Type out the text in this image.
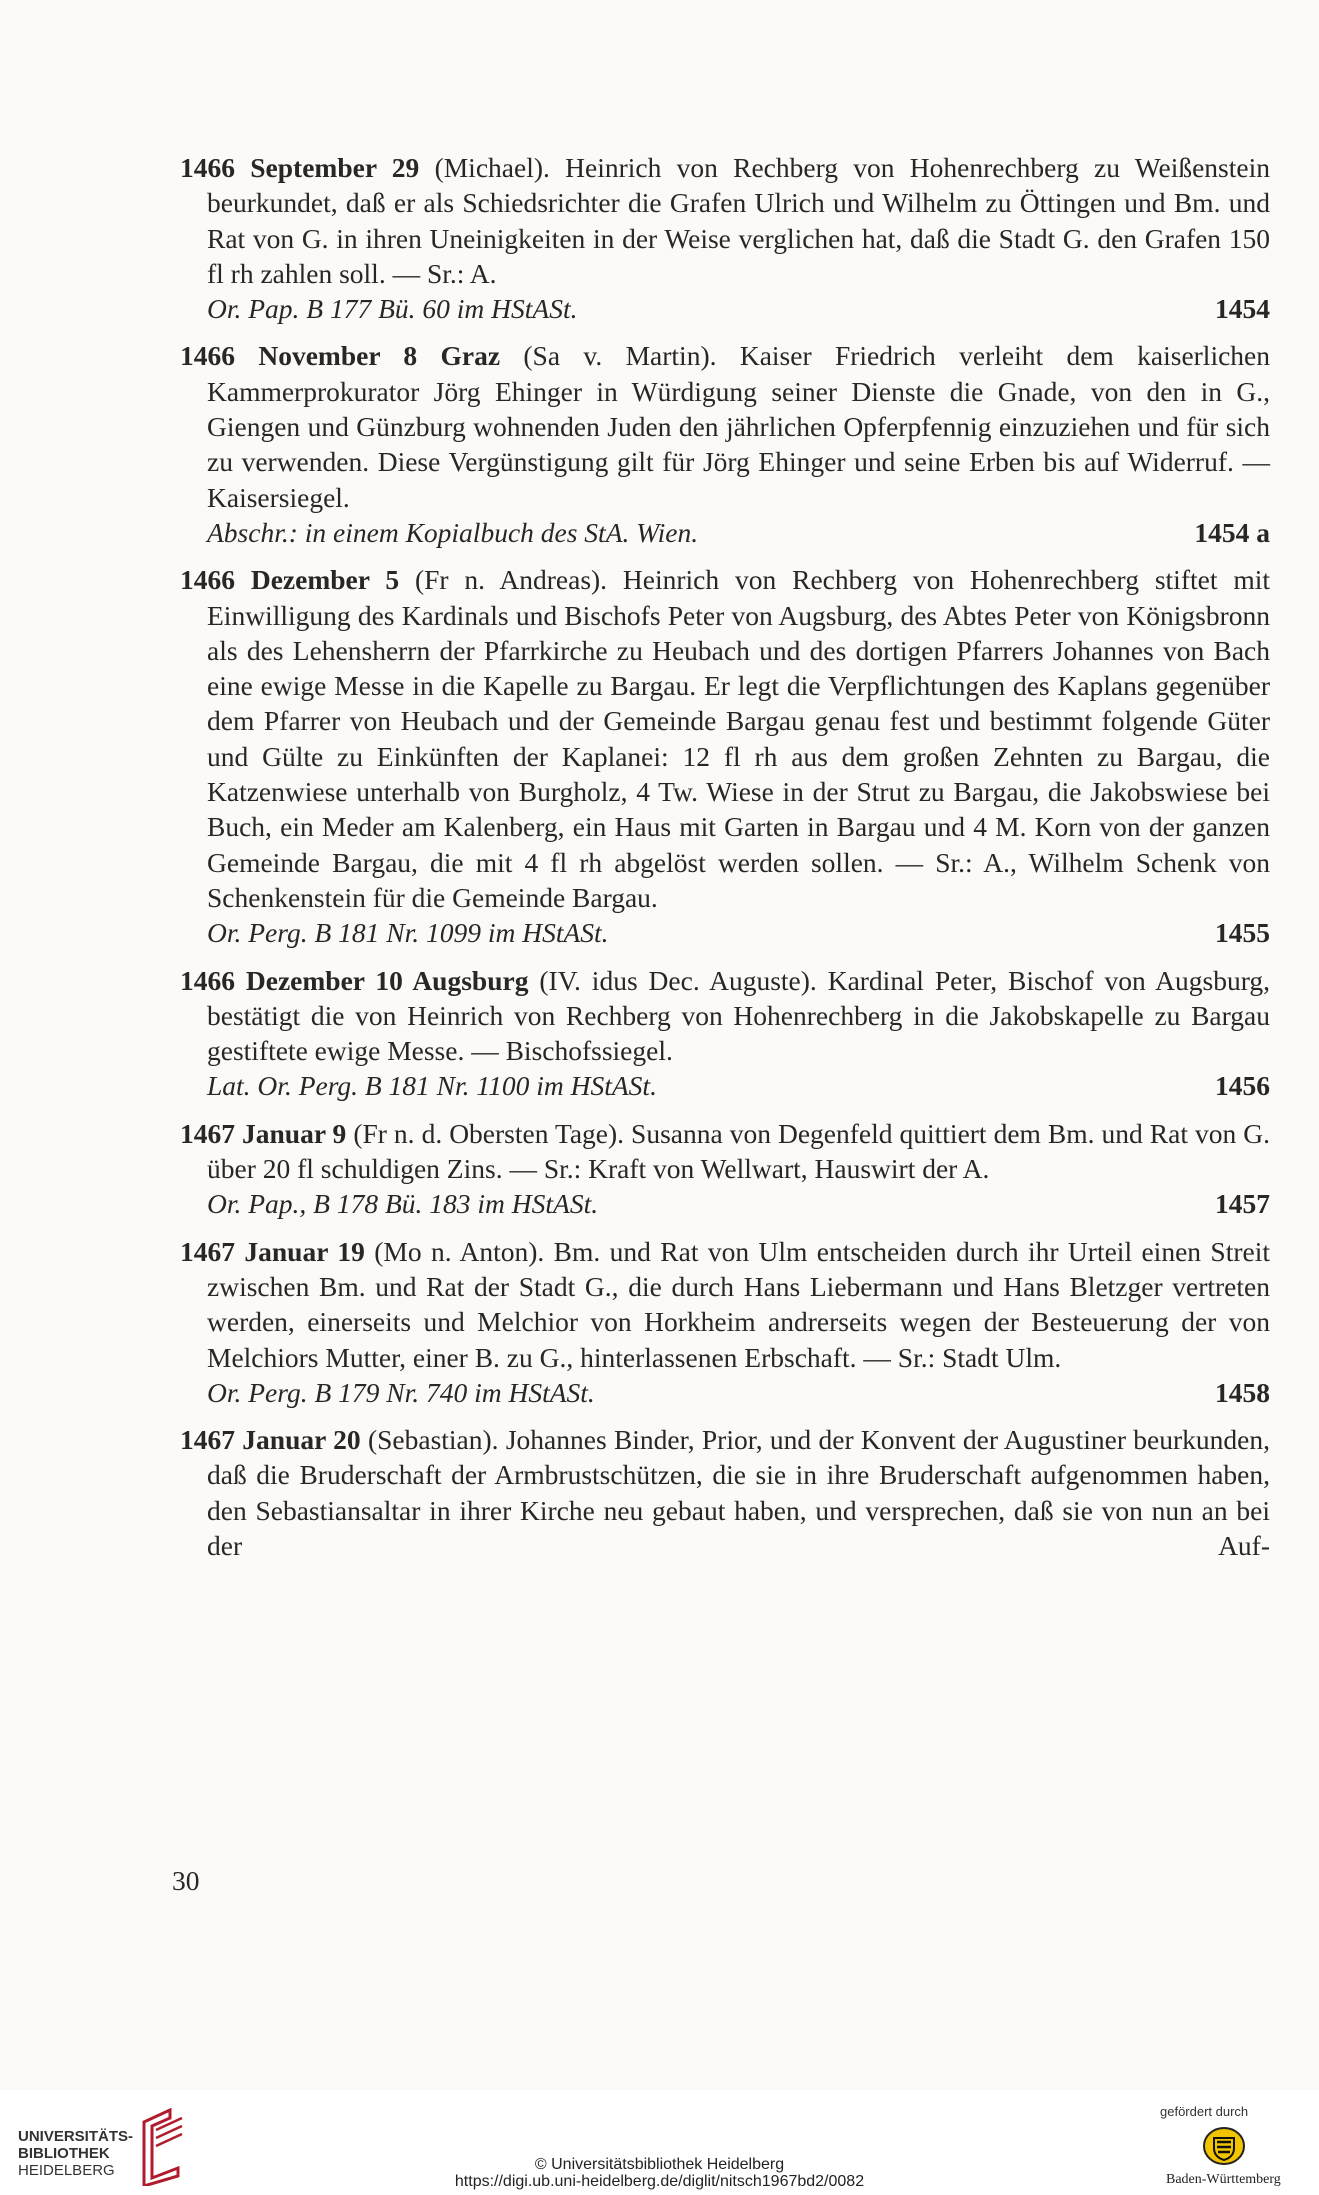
1466 September 29 (Michael). Heinrich von Rechberg von Hohenrechberg zu Weißenstein beurkundet, daß er als Schiedsrichter die Grafen Ulrich und Wilhelm zu Öttingen und Bm. und Rat von G. in ihren Uneinigkeiten in der Weise verglichen hat, daß die Stadt G. den Grafen 150 fl rh zahlen soll. — Sr.: A.

Or. Pap. B 177 Bü. 60 im HStASt.	1454

1466 November 8 Graz (Sa v. Martin). Kaiser Friedrich verleiht dem kaiserlichen Kammerprokurator Jörg Ehinger in Würdigung seiner Dienste die Gnade, von den in G., Giengen und Günzburg wohnenden Juden den jährlichen Opferpfennig einzuziehen und für sich zu verwenden. Diese Vergünstigung gilt für Jörg Ehinger und seine Erben bis auf Widerruf. — Kaisersiegel.

Abschr.: in einem Kopialbuch des StA. Wien.	1454 a

1466 Dezember 5 (Fr n. Andreas). Heinrich von Rechberg von Hohenrechberg stiftet mit Einwilligung des Kardinals und Bischofs Peter von Augsburg, des Abtes Peter von Königsbronn als des Lehensherrn der Pfarrkirche zu Heubach und des dortigen Pfarrers Johannes von Bach eine ewige Messe in die Kapelle zu Bargau. Er legt die Verpflichtungen des Kaplans gegenüber dem Pfarrer von Heubach und der Gemeinde Bargau genau fest und bestimmt folgende Güter und Gülte zu Einkünften der Kaplanei: 12 fl rh aus dem großen Zehnten zu Bargau, die Katzenwiese unterhalb von Burgholz, 4 Tw. Wiese in der Strut zu Bargau, die Jakobswiese bei Buch, ein Meder am Kalenberg, ein Haus mit Garten in Bargau und 4 M. Korn von der ganzen Gemeinde Bargau, die mit 4 fl rh abgelöst werden sollen. — Sr.: A., Wilhelm Schenk von Schenkenstein für die Gemeinde Bargau.

Or. Perg. B 181 Nr. 1099 im HStASt.	1455

1466 Dezember 10 Augsburg (IV. idus Dec. Auguste). Kardinal Peter, Bischof von Augsburg, bestätigt die von Heinrich von Rechberg von Hohenrechberg in die Jakobskapelle zu Bargau gestiftete ewige Messe. — Bischofssiegel.

Lat. Or. Perg. B 181 Nr. 1100 im HStASt.	1456

1467 Januar 9 (Fr n. d. Obersten Tage). Susanna von Degenfeld quittiert dem Bm. und Rat von G. über 20 fl schuldigen Zins. — Sr.: Kraft von Wellwart, Hauswirt der A.

Or. Pap., B 178 Bü. 183 im HStASt.	1457

1467 Januar 19 (Mo n. Anton). Bm. und Rat von Ulm entscheiden durch ihr Urteil einen Streit zwischen Bm. und Rat der Stadt G., die durch Hans Liebermann und Hans Bletzger vertreten werden, einerseits und Melchior von Horkheim andrerseits wegen der Besteuerung der von Melchiors Mutter, einer B. zu G., hinterlassenen Erbschaft. — Sr.: Stadt Ulm.

Or. Perg. B 179 Nr. 740 im HStASt.	1458

1467 Januar 20 (Sebastian). Johannes Binder, Prior, und der Konvent der Augustiner beurkunden, daß die Bruderschaft der Armbrustschützen, die sie in ihre Bruderschaft aufgenommen haben, den Sebastiansaltar in ihrer Kirche neu gebaut haben, und versprechen, daß sie von nun an bei der Auf-

30
UNIVERSITÄTS-
BIBLIOTHEK
HEIDELBERG	© Universitätsbibliothek Heidelberg
https://digi.ub.uni-heidelberg.de/diglit/nitsch1967bd2/0082
gefördert durch
Baden-Württemberg
